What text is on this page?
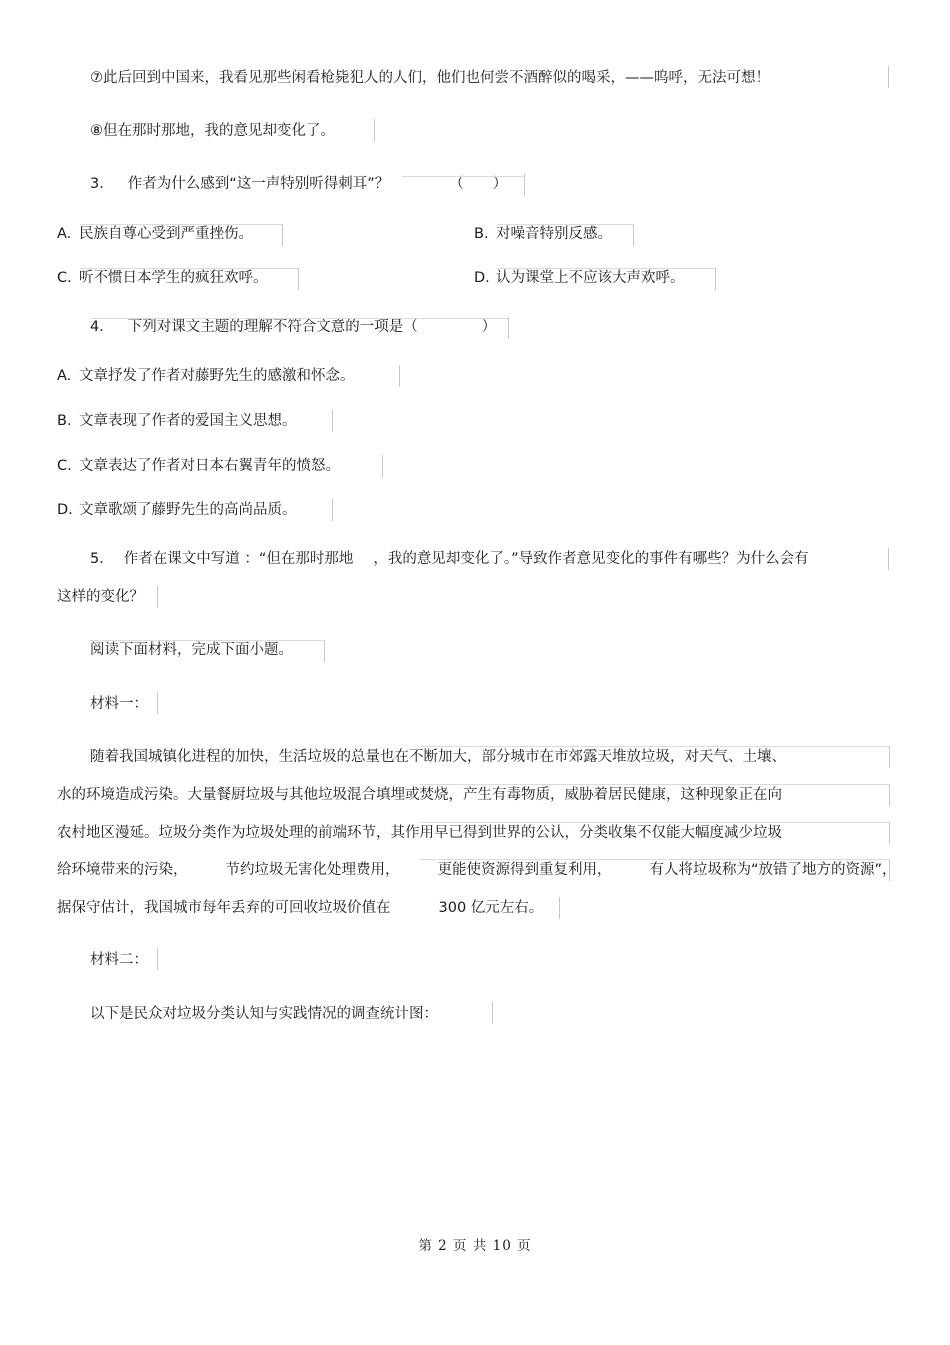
⑦此后回到中国来，我看见那些闲看枪毙犯人的人们，他们也何尝不酒醉似的喝采，——呜呼，无法可想！
⑧但在那时那地，我的意见却变化了。
3． 作者为什么感到“这一声特别听得刺耳”？	（　　）
A. 民族自尊心受到严重挫伤。	B. 对噪音特别反感。
C. 听不惯日本学生的疯狂欢呼。	D. 认为课堂上不应该大声欢呼。
4． 下列对课文主题的理解不符合文意的一项是（	）
A. 文章抒发了作者对藤野先生的感激和怀念。
B. 文章表现了作者的爱国主义思想。
C. 文章表达了作者对日本右翼青年的愤怒。
D. 文章歌颂了藤野先生的高尚品质。
5． 作者在课文中写道 ：“但在那时那地 ，我的意见却变化了。”导致作者意见变化的事件有哪些？为什么会有
这样的变化？
阅读下面材料，完成下面小题。
材料一：
随着我国城镇化进程的加快，生活垃圾的总量也在不断加大，部分城市在市郊露天堆放垃圾，对天气、土壤、
水的环境造成污染。大量餐厨垃圾与其他垃圾混合填埋或焚烧，产生有毒物质，威胁着居民健康，这种现象正在向
农村地区漫延。垃圾分类作为垃圾处理的前端环节，其作用早已得到世界的公认，分类收集不仅能大幅度减少垃圾
给环境带来的污染，	节约垃圾无害化处理费用，	更能使资源得到重复利用，	有人将垃圾称为“放错了地方的资源”，
据保守估计，我国城市每年丢弃的可回收垃圾价值在	300 亿元左右。
材料二：
以下是民众对垃圾分类认知与实践情况的调查统计图：
第 2 页 共 10 页
